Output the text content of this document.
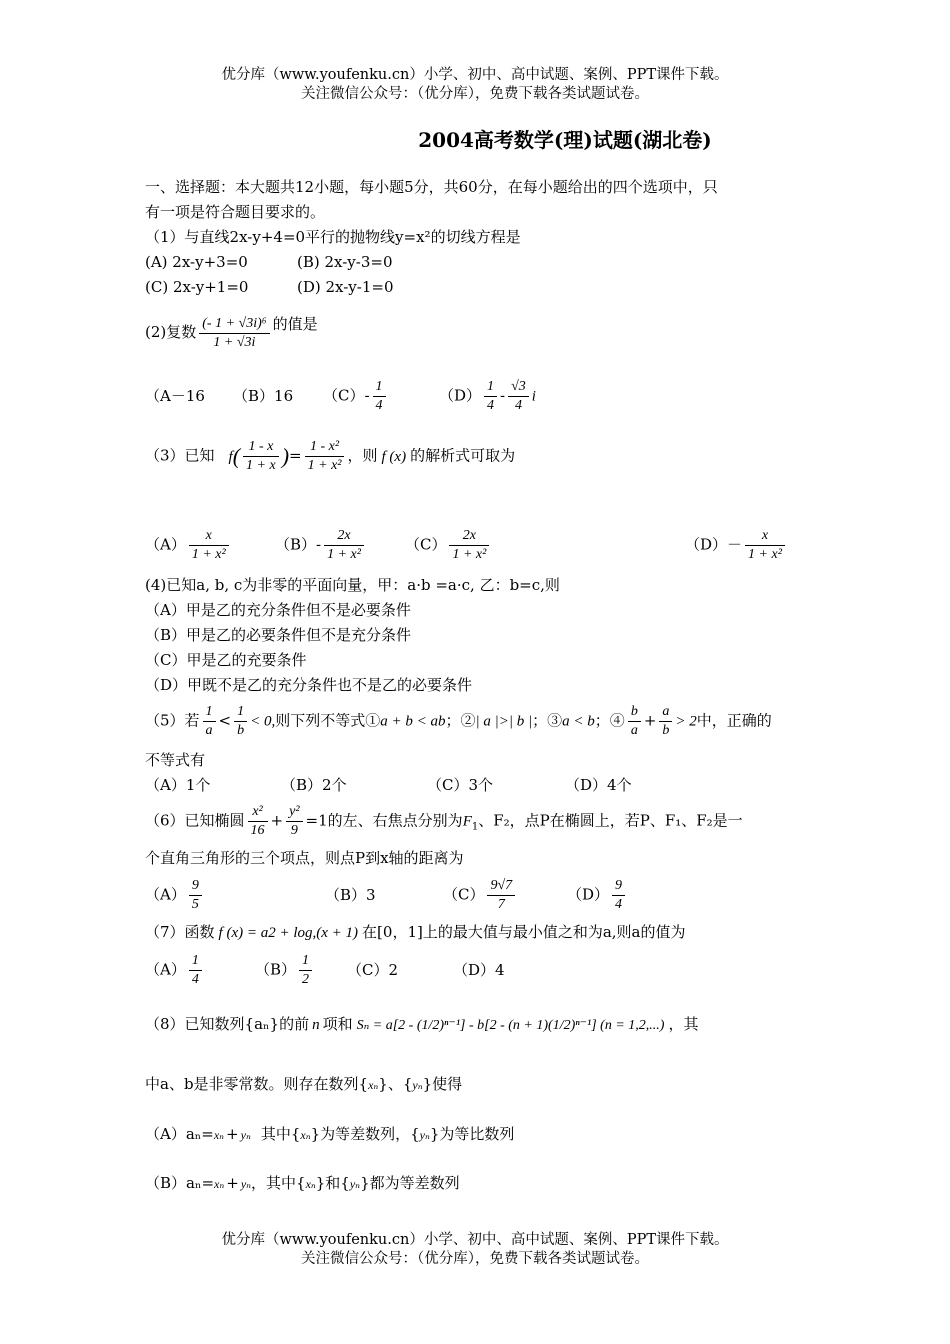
优分库（www.youfenku.cn）小学、初中、高中试题、案例、PPT课件下载。
关注微信公众号：（优分库），免费下载各类试题试卷。
2004高考数学(理)试题(湖北卷)
一、选择题：本大题共12小题，每小题5分，共60分，在每小题给出的四个选项中，只
有一项是符合题目要求的。
（1）与直线2x-y+4=0平行的抛物线y=x²的切线方程是
(A) 2x-y+3=0	(B) 2x-y-3=0
(C) 2x-y+1=0	(D) 2x-y-1=0
(2)复数 $\frac{\text{(- 1 + √3i)⁶}}{1 + √3i}$ 的值是
（A－16 （B）16 $(C)- \frac{1}{4}$	$(D) \frac{1}{4} - \frac{√3}{4}$ i
（3）已知 $f( \frac{1 - x}{1 + x}$ )= $\frac{\text{1 - x²}}{\text{1 + x²}}$ ，则 f (x) 的解析式可取为
$(A) \frac{x}{\text{1 + x²}}$	$(B)- \frac{2x}{\text{1 + x²}}$	$(C) \frac{2x}{\text{1 + x²}}$	$(D)- \frac{x}{\text{1 + x²}}$
(4)已知a, b, c为非零的平面向量，甲：a·b =a·c, 乙：b=c,则
（A）甲是乙的充分条件但不是必要条件
（B）甲是乙的必要条件但不是充分条件
（C）甲是乙的充要条件
（D）甲既不是乙的充分条件也不是乙的必要条件
（5）若 $\frac{1}{a} < \frac{1}{b} < 0$,则下列不等式①a + b < ab；②| a |>| b |；③a < b；④ $\frac{b}{a} + \frac{a}{b} > 2$中，正确的
不等式有
（A）1个	（B）2个	（C）3个	（D）4个
（6）已知椭圆 $\frac{\text{x²}}{16} + \frac{\text{y²}}{9} =1$的左、右焦点分别为$F_1$、F₂，点P在椭圆上，若P、F₁、F₂是一
个直角三角形的三个项点，则点P到x轴的距离为
$(A) \frac{9}{5}$	（B）3	$(C) \frac{9√7}{7}$	$(D) \frac{9}{4}$
（7）函数 f (x) = a2 + log,(x + 1) 在[0，1]上的最大值与最小值之和为a,则a的值为
$(A) \frac{1}{4}$	$(B) \frac{1}{2} (C)2$	（D）4
（8）已知数列{aₙ}的前 n 项和 Sₙ = a[2 - (1/2)ⁿ⁻¹] - b[2 - (n + 1)(1/2)ⁿ⁻¹] (n = 1,2,...) ，其
中a、b是非零常数。则存在数列{xₙ}、{yₙ}使得
（A）aₙ=xₙ + yₙ 其中{xₙ}为等差数列，{yₙ}为等比数列
（B）aₙ=xₙ + yₙ，其中{xₙ}和{yₙ}都为等差数列
优分库（www.youfenku.cn）小学、初中、高中试题、案例、PPT课件下载。
关注微信公众号：（优分库），免费下载各类试题试卷。
